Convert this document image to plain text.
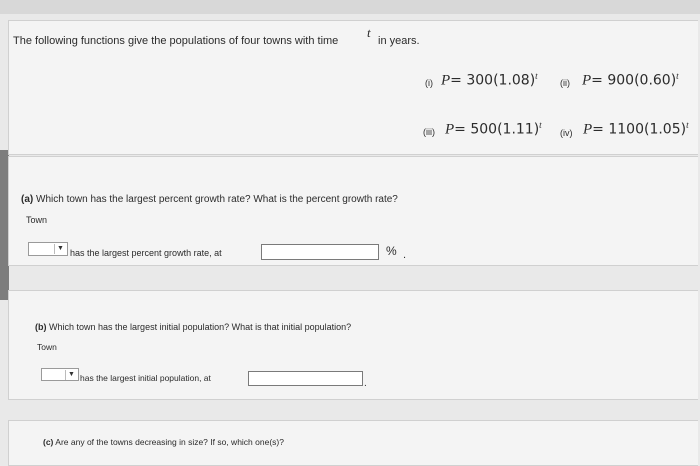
The following functions give the populations of four towns with time
t
in years.
(i) $P= 300(1.08)^t$
(ii) $P= 900(0.60)^t$
(iii) $P= 500(1.11)^t$
(iv) $P= 1100(1.05)^t$
(a) Which town has the largest percent growth rate? What is the percent growth rate?
Town
▼ has the largest percent growth rate, at	% .
(b) Which town has the largest initial population? What is that initial population?
Town
▼ has the largest initial population, at	.
(c) Are any of the towns decreasing in size? If so, which one(s)?
